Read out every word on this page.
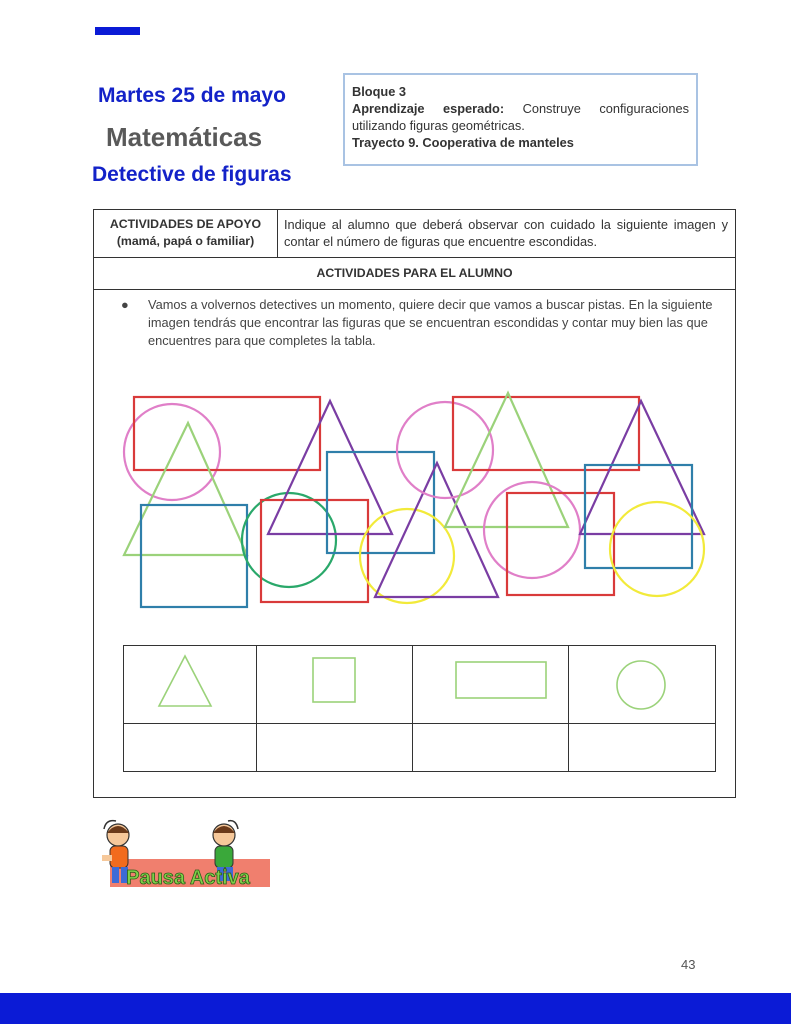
Martes 25 de mayo
Matemáticas
Detective de figuras

Bloque 3

Aprendizaje esperado: Construye configuraciones utilizando figuras geométricas.

Trayecto 9. Cooperativa de manteles

ACTIVIDADES DE APOYO
(mamá, papá o familiar)
Indique al alumno que deberá observar con cuidado la siguiente imagen y contar el número de figuras que encuentre escondidas.
ACTIVIDADES PARA EL ALUMNO
● Vamos a volvernos detectives un momento, quiere decir que vamos a buscar pistas. En la siguiente imagen tendrás que encontrar las figuras que se encuentran escondidas y contar muy bien las que encuentres para que completes la tabla.
Pausa Activa
43
